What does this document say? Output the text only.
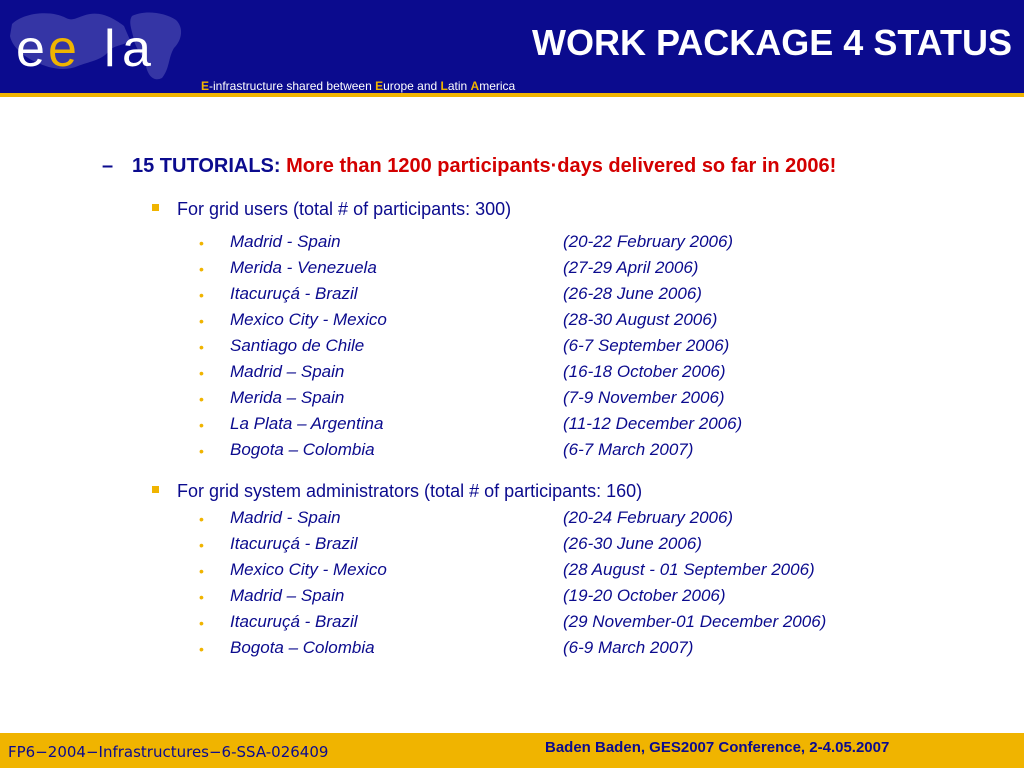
e e l a	WORK PACKAGE 4 STATUS
E-infrastructure shared between Europe and Latin America
– 15 TUTORIALS: More than 1200 participants·days delivered so far in 2006!
For grid users (total # of participants: 300)
• Madrid - Spain	(20-22 February 2006)
• Merida - Venezuela	(27-29 April 2006)
• Itacuruçá - Brazil	(26-28 June 2006)
• Mexico City - Mexico	(28-30 August 2006)
• Santiago de Chile	(6-7 September 2006)
• Madrid – Spain	(16-18 October 2006)
• Merida – Spain	(7-9 November 2006)
• La Plata – Argentina	(11-12 December 2006)
• Bogota – Colombia	(6-7 March 2007)
For grid system administrators (total # of participants: 160)
• Madrid - Spain	(20-24 February 2006)
• Itacuruçá - Brazil	(26-30 June 2006)
• Mexico City - Mexico	(28 August - 01 September 2006)
• Madrid – Spain	(19-20 October 2006)
• Itacuruçá - Brazil	(29 November-01 December 2006)
• Bogota – Colombia	(6-9 March 2007)
FP6−2004−Infrastructures−6-SSA-026409	Baden Baden, GES2007 Conference, 2-4.05.2007
